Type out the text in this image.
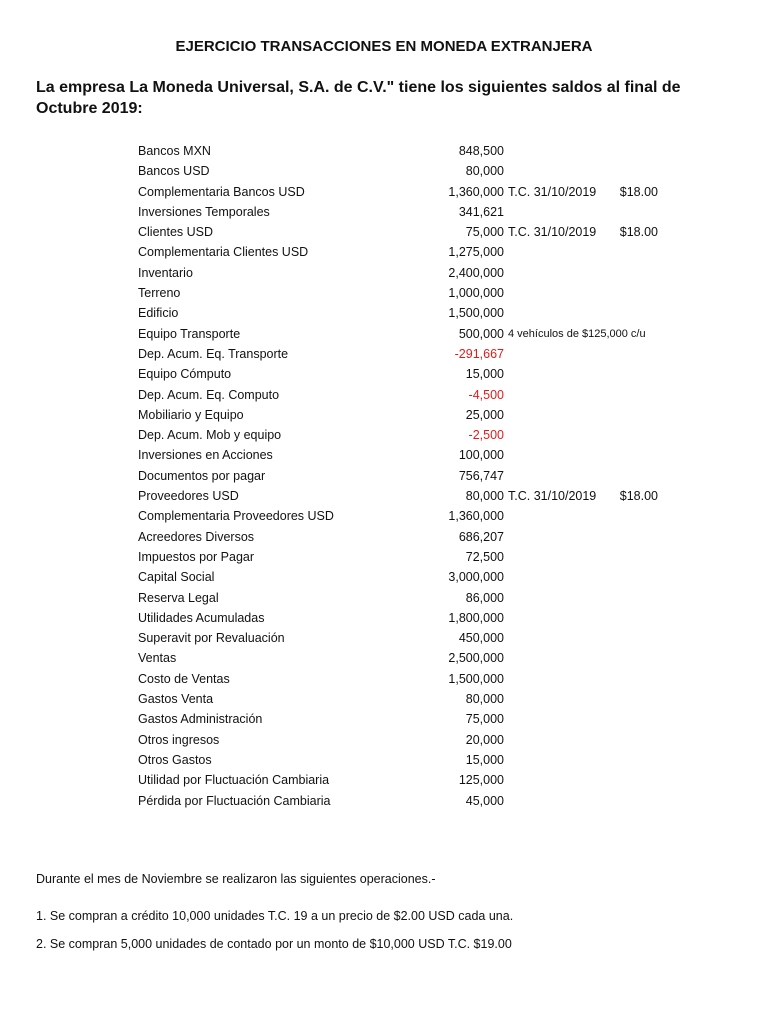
EJERCICIO TRANSACCIONES EN MONEDA EXTRANJERA
La empresa La Moneda Universal, S.A. de C.V." tiene los siguientes saldos al final de Octubre 2019:
Bancos MXN	848,500
Bancos USD	80,000
Complementaria Bancos USD	1,360,000 T.C. 31/10/2019 $18.00
Inversiones Temporales	341,621
Clientes USD	75,000 T.C. 31/10/2019 $18.00
Complementaria Clientes USD	1,275,000
Inventario	2,400,000
Terreno	1,000,000
Edificio	1,500,000
Equipo Transporte	500,000 4 vehículos de $125,000 c/u
Dep. Acum. Eq. Transporte	-291,667
Equipo Cómputo	15,000
Dep. Acum. Eq. Computo	-4,500
Mobiliario y Equipo	25,000
Dep. Acum. Mob y equipo	-2,500
Inversiones en Acciones	100,000
Documentos por pagar	756,747
Proveedores USD	80,000 T.C. 31/10/2019 $18.00
Complementaria Proveedores USD	1,360,000
Acreedores Diversos	686,207
Impuestos por Pagar	72,500
Capital Social	3,000,000
Reserva Legal	86,000
Utilidades Acumuladas	1,800,000
Superavit por Revaluación	450,000
Ventas	2,500,000
Costo de Ventas	1,500,000
Gastos Venta	80,000
Gastos Administración	75,000
Otros ingresos	20,000
Otros Gastos	15,000
Utilidad por Fluctuación Cambiaria	125,000
Pérdida por Fluctuación Cambiaria	45,000
Durante el mes de Noviembre se realizaron las siguientes operaciones.-
1. Se compran a crédito 10,000 unidades T.C. 19 a un precio de $2.00 USD cada una.
2. Se compran 5,000 unidades de contado por un monto de $10,000 USD T.C. $19.00
